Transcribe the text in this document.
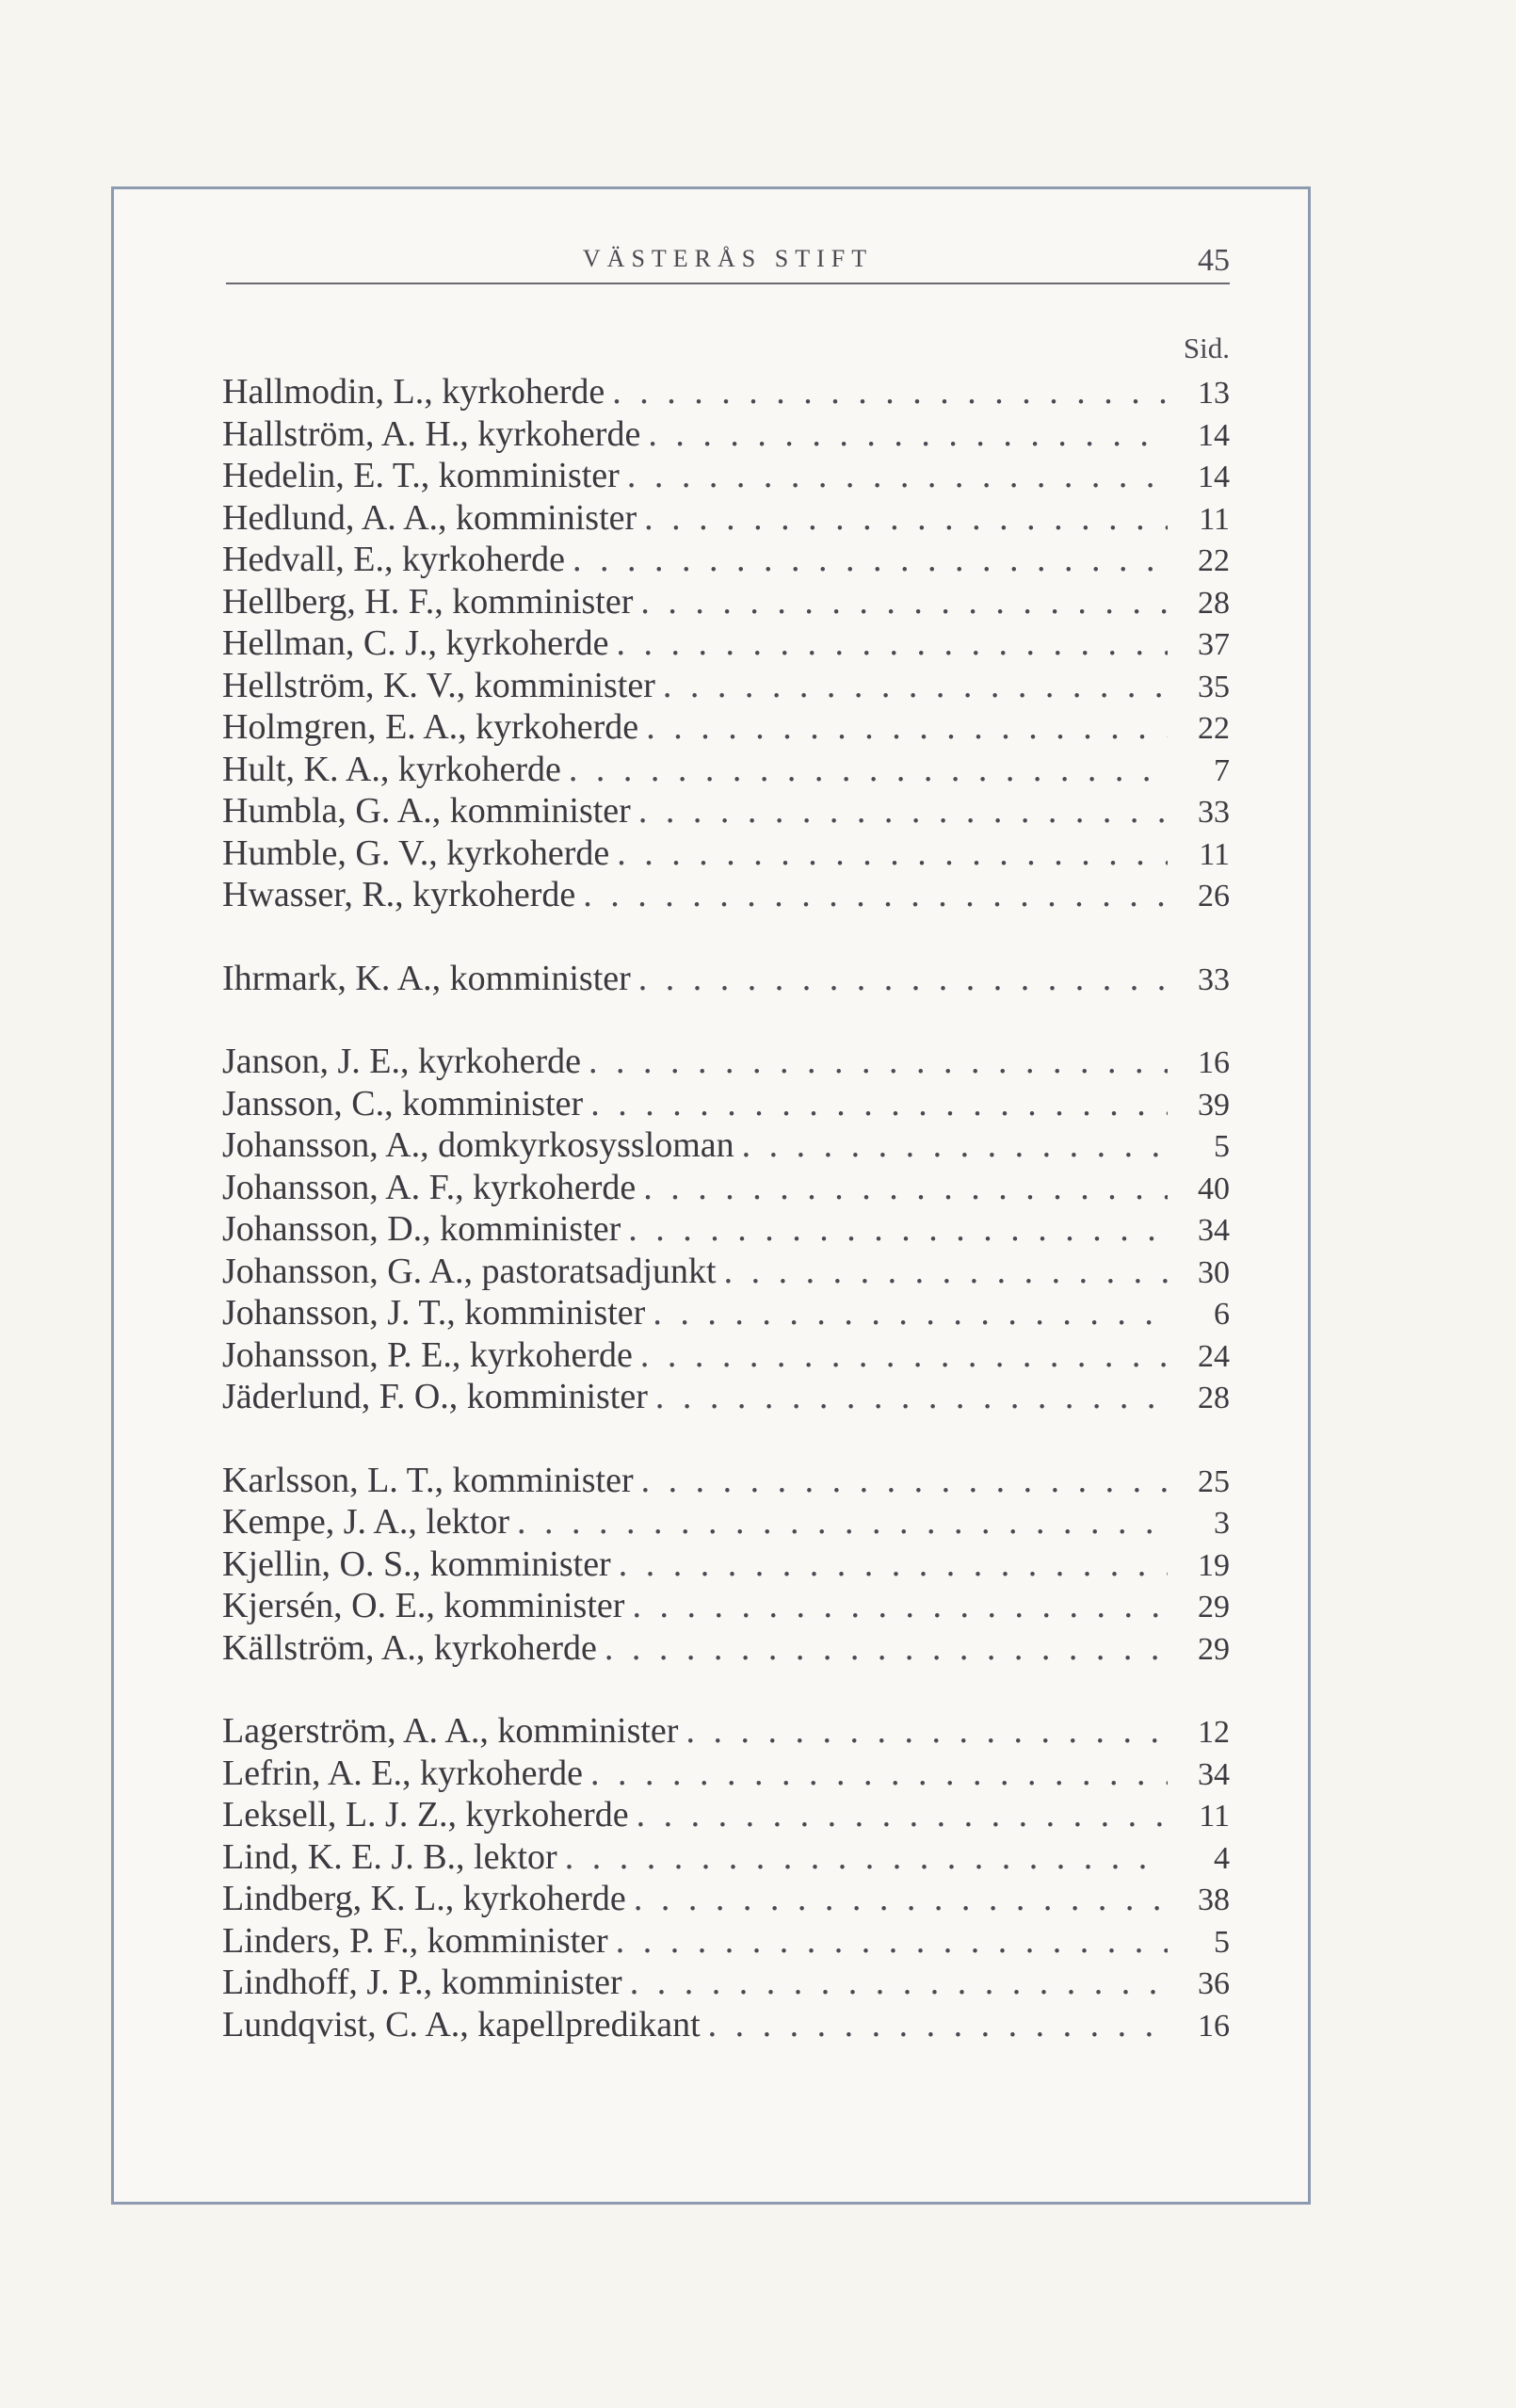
VÄSTERÅS STIFT	45
Sid.
Hallmodin, L., kyrkoherde . . .	13
Hallström, A. H., kyrkoherde . . .	14
Hedelin, E. T., komminister . . .	14
Hedlund, A. A., komminister . . .	11
Hedvall, E., kyrkoherde . . .	22
Hellberg, H. F., komminister . . .	28
Hellman, C. J., kyrkoherde . . .	37
Hellström, K. V., komminister . . .	35
Holmgren, E. A., kyrkoherde . . .	22
Hult, K. A., kyrkoherde . . .	7
Humbla, G. A., komminister . . .	33
Humble, G. V., kyrkoherde . . .	11
Hwasser, R., kyrkoherde . . .	26
Ihrmark, K. A., komminister . . .	33
Janson, J. E., kyrkoherde . . .	16
Jansson, C., komminister . . .	39
Johansson, A., domkyrkosyssloman . . .	5
Johansson, A. F., kyrkoherde . . .	40
Johansson, D., komminister . . .	34
Johansson, G. A., pastoratsadjunkt . . .	30
Johansson, J. T., komminister . . .	6
Johansson, P. E., kyrkoherde . . .	24
Jäderlund, F. O., komminister . . .	28
Karlsson, L. T., komminister . . .	25
Kempe, J. A., lektor . . .	3
Kjellin, O. S., komminister . . .	19
Kjersén, O. E., komminister . . .	29
Källström, A., kyrkoherde . . .	29
Lagerström, A. A., komminister . . .	12
Lefrin, A. E., kyrkoherde . . .	34
Leksell, L. J. Z., kyrkoherde . . .	11
Lind, K. E. J. B., lektor . . .	4
Lindberg, K. L., kyrkoherde . . .	38
Linders, P. F., komminister . . .	5
Lindhoff, J. P., komminister . . .	36
Lundqvist, C. A., kapellpredikant . . .	16
